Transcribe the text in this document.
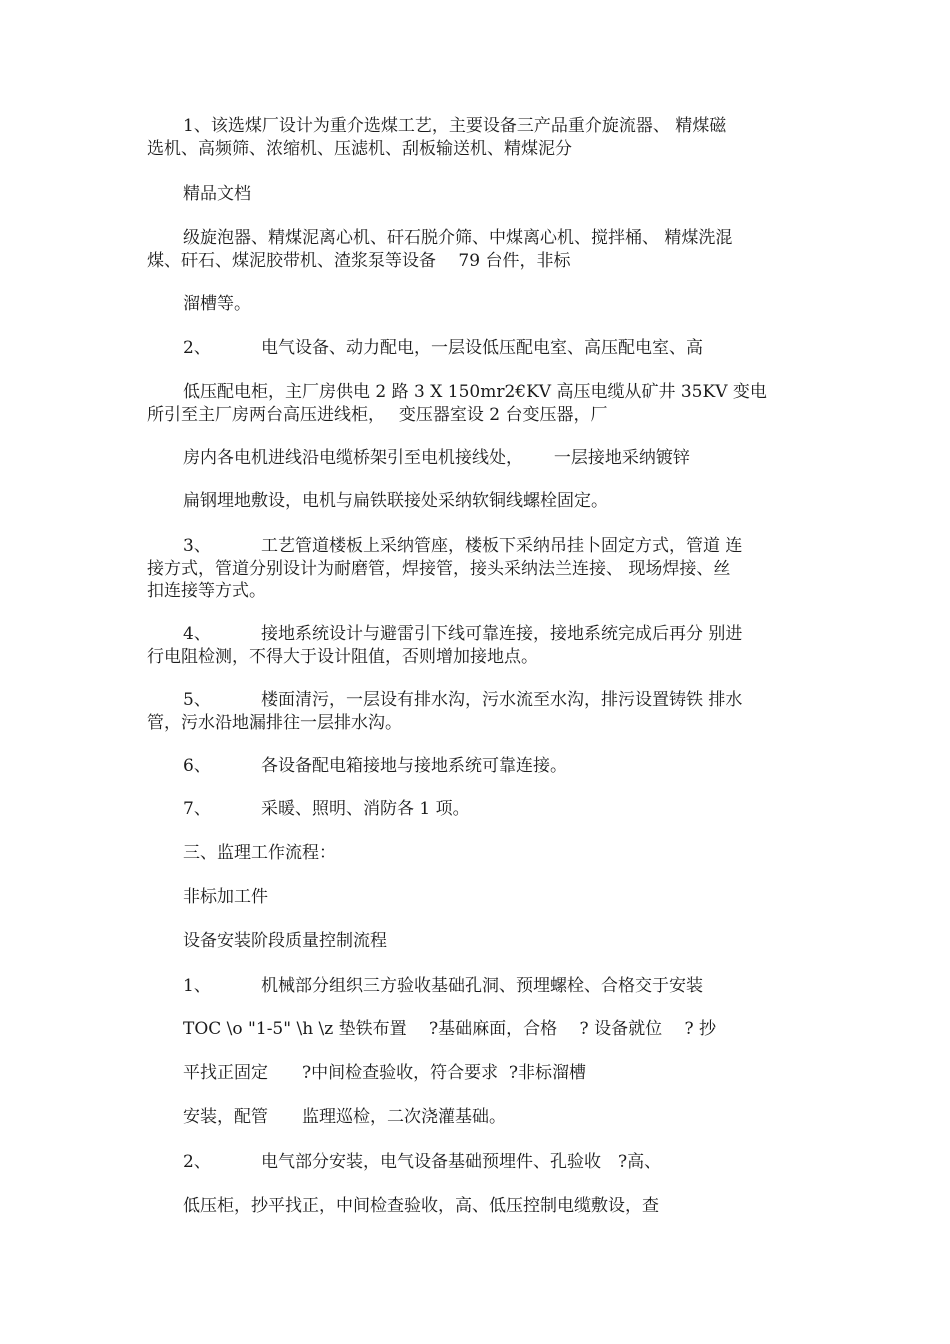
1、该选煤厂设计为重介选煤工艺，主要设备三产品重介旋流器、 精煤磁
选机、高频筛、浓缩机、压滤机、刮板输送机、精煤泥分
精品文档
级旋泡器、精煤泥离心机、矸石脱介筛、中煤离心机、搅拌桶、 精煤洗混
煤、矸石、煤泥胶带机、渣浆泵等设备　 79 台件，非标
溜槽等。
2、	电气设备、动力配电，一层设低压配电室、高压配电室、高
低压配电柜，主厂房供电 2 路 3 X 150mr2€KV 高压电缆从矿井 35KV 变电
所引至主厂房两台高压进线柜，　 变压器室设 2 台变压器，厂
房内各电机进线沿电缆桥架引至电机接线处，　　 一层接地采纳镀锌
扁钢埋地敷设，电机与扁铁联接处采纳软铜线螺栓固定。
3、	工艺管道楼板上采纳管座，楼板下采纳吊挂卜固定方式，管道 连
接方式，管道分别设计为耐磨管，焊接管，接头采纳法兰连接、 现场焊接、丝
扣连接等方式。
4、	接地系统设计与避雷引下线可靠连接，接地系统完成后再分 别进
行电阻检测，不得大于设计阻值，否则增加接地点。
5、	楼面清污，一层设有排水沟，污水流至水沟，排污设置铸铁 排水
管，污水沿地漏排往一层排水沟。
6、	各设备配电箱接地与接地系统可靠连接。
7、	采暖、照明、消防各 1 项。
三、监理工作流程：
非标加工件
设备安装阶段质量控制流程
1、	机械部分组织三方验收基础孔洞、预埋螺栓、合格交于安装
TOC \o "1-5" \h \z 垫铁布置　 ?基础麻面，合格　 ? 设备就位　 ? 抄
平找正固定　　?中间检查验收，符合要求  ?非标溜槽
安装，配管　　监理巡检，二次浇灌基础。
2、	电气部分安装，电气设备基础预埋件、孔验收　?高、
低压柜，抄平找正，中间检查验收，高、低压控制电缆敷设，查
